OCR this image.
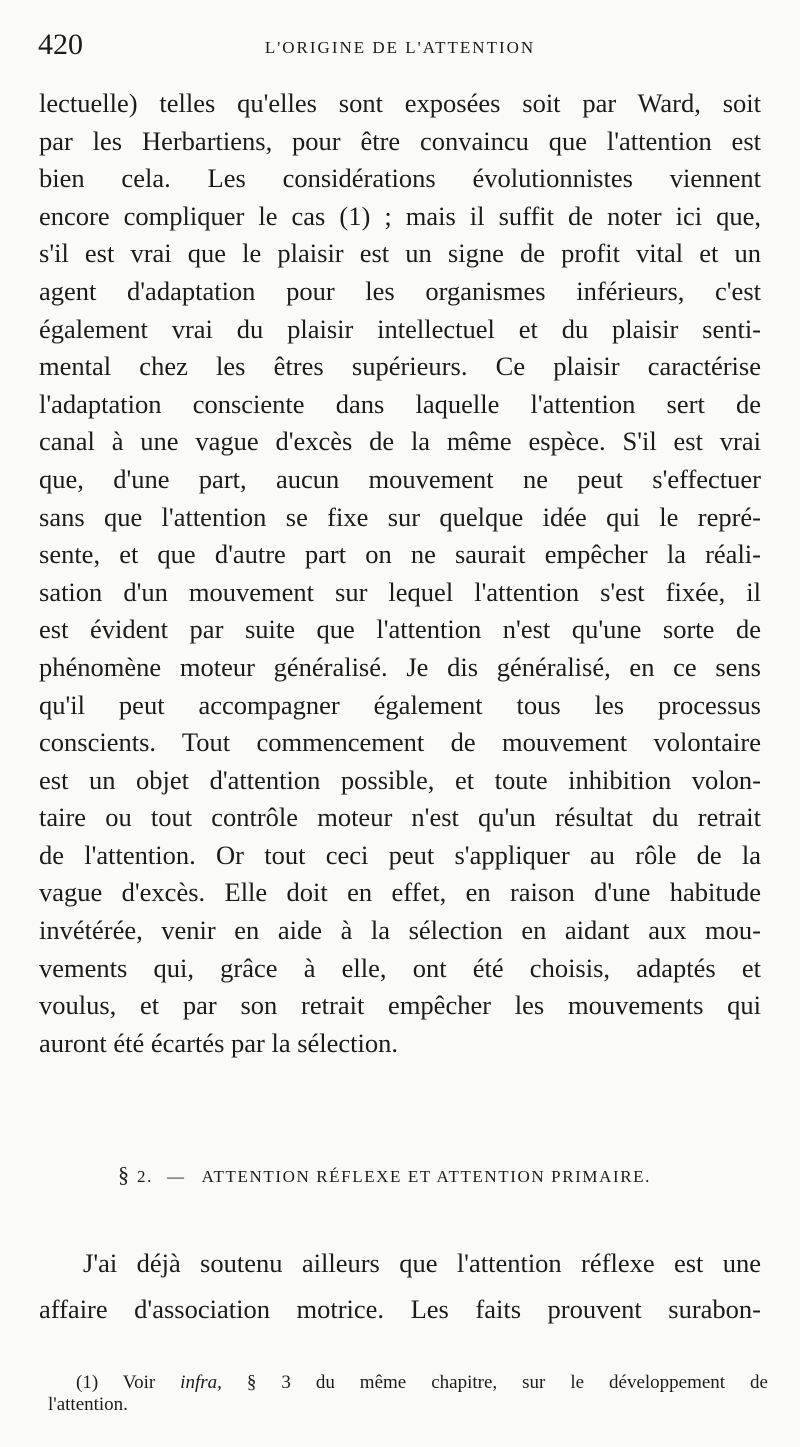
420	L'ORIGINE DE L'ATTENTION
lectuelle) telles qu'elles sont exposées soit par Ward, soit
par les Herbartiens, pour être convaincu que l'attention est
bien cela. Les considérations évolutionnistes viennent
encore compliquer le cas (1) ; mais il suffit de noter ici que,
s'il est vrai que le plaisir est un signe de profit vital et un
agent d'adaptation pour les organismes inférieurs, c'est
également vrai du plaisir intellectuel et du plaisir senti-
mental chez les êtres supérieurs. Ce plaisir caractérise
l'adaptation consciente dans laquelle l'attention sert de
canal à une vague d'excès de la même espèce. S'il est vrai
que, d'une part, aucun mouvement ne peut s'effectuer
sans que l'attention se fixe sur quelque idée qui le repré-
sente, et que d'autre part on ne saurait empêcher la réali-
sation d'un mouvement sur lequel l'attention s'est fixée, il
est évident par suite que l'attention n'est qu'une sorte de
phénomène moteur généralisé. Je dis généralisé, en ce sens
qu'il peut accompagner également tous les processus
conscients. Tout commencement de mouvement volontaire
est un objet d'attention possible, et toute inhibition volon-
taire ou tout contrôle moteur n'est qu'un résultat du retrait
de l'attention. Or tout ceci peut s'appliquer au rôle de la
vague d'excès. Elle doit en effet, en raison d'une habitude
invétérée, venir en aide à la sélection en aidant aux mou-
vements qui, grâce à elle, ont été choisis, adaptés et
voulus, et par son retrait empêcher les mouvements qui
auront été écartés par la sélection.
§ 2. — ATTENTION RÉFLEXE ET ATTENTION PRIMAIRE.
J'ai déjà soutenu ailleurs que l'attention réflexe est une
affaire d'association motrice. Les faits prouvent surabon-
(1) Voir infra, § 3 du même chapitre, sur le développement de
l'attention.
